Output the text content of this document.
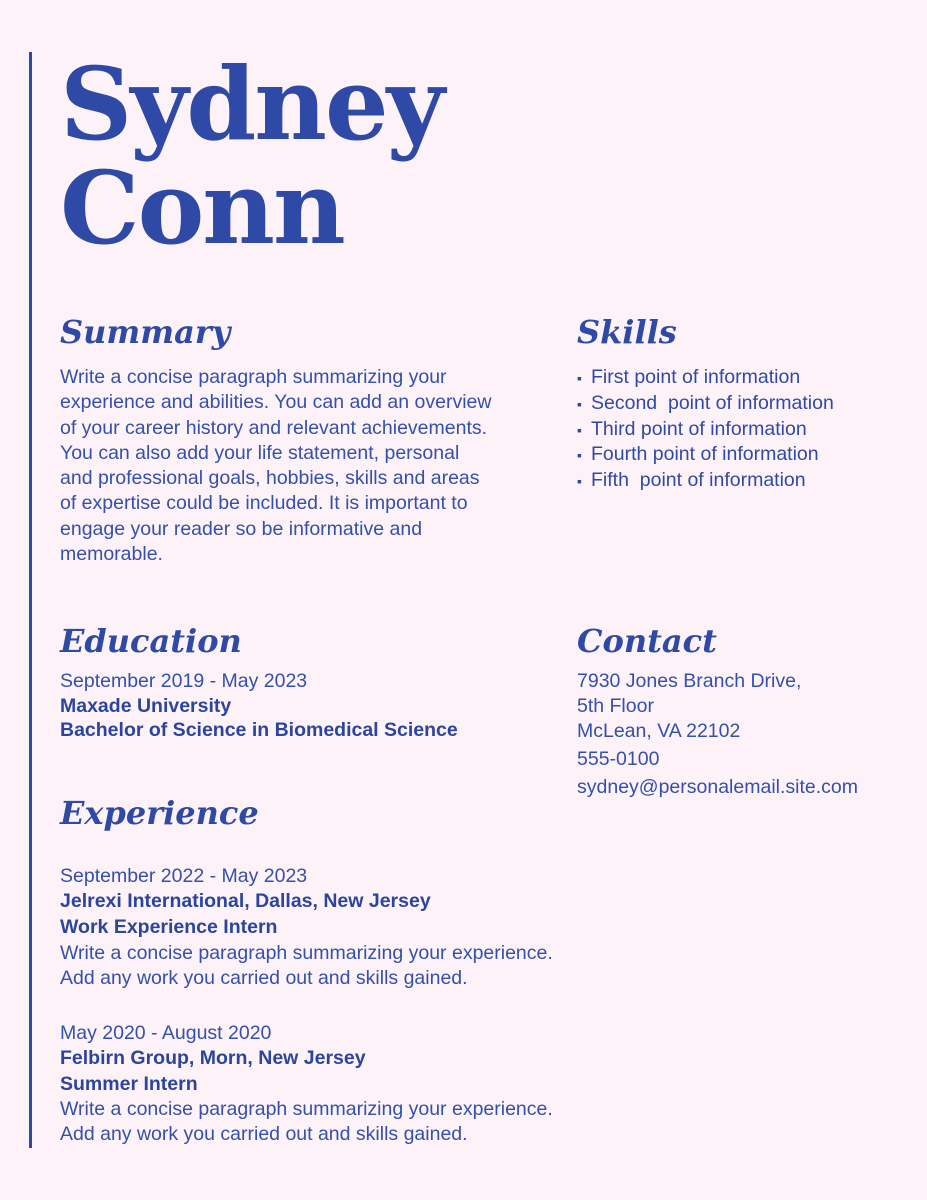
Sydney
Conn
Summary
Write a concise paragraph summarizing your
experience and abilities. You can add an overview
of your career history and relevant achievements.
You can also add your life statement, personal
and professional goals, hobbies, skills and areas
of expertise could be included. It is important to
engage your reader so be informative and
memorable.
Skills
▪ First point of information
▪ Second  point of information
▪ Third point of information
▪ Fourth point of information
▪ Fifth  point of information
Education
September 2019 - May 2023
Maxade University
Bachelor of Science in Biomedical Science
Contact
7930 Jones Branch Drive,
5th Floor
McLean, VA 22102
555-0100
sydney@personalemail.site.com
Experience
September 2022 - May 2023
Jelrexi International, Dallas, New Jersey
Work Experience Intern
Write a concise paragraph summarizing your experience.
Add any work you carried out and skills gained.
May 2020 - August 2020
Felbirn Group, Morn, New Jersey
Summer Intern
Write a concise paragraph summarizing your experience.
Add any work you carried out and skills gained.
